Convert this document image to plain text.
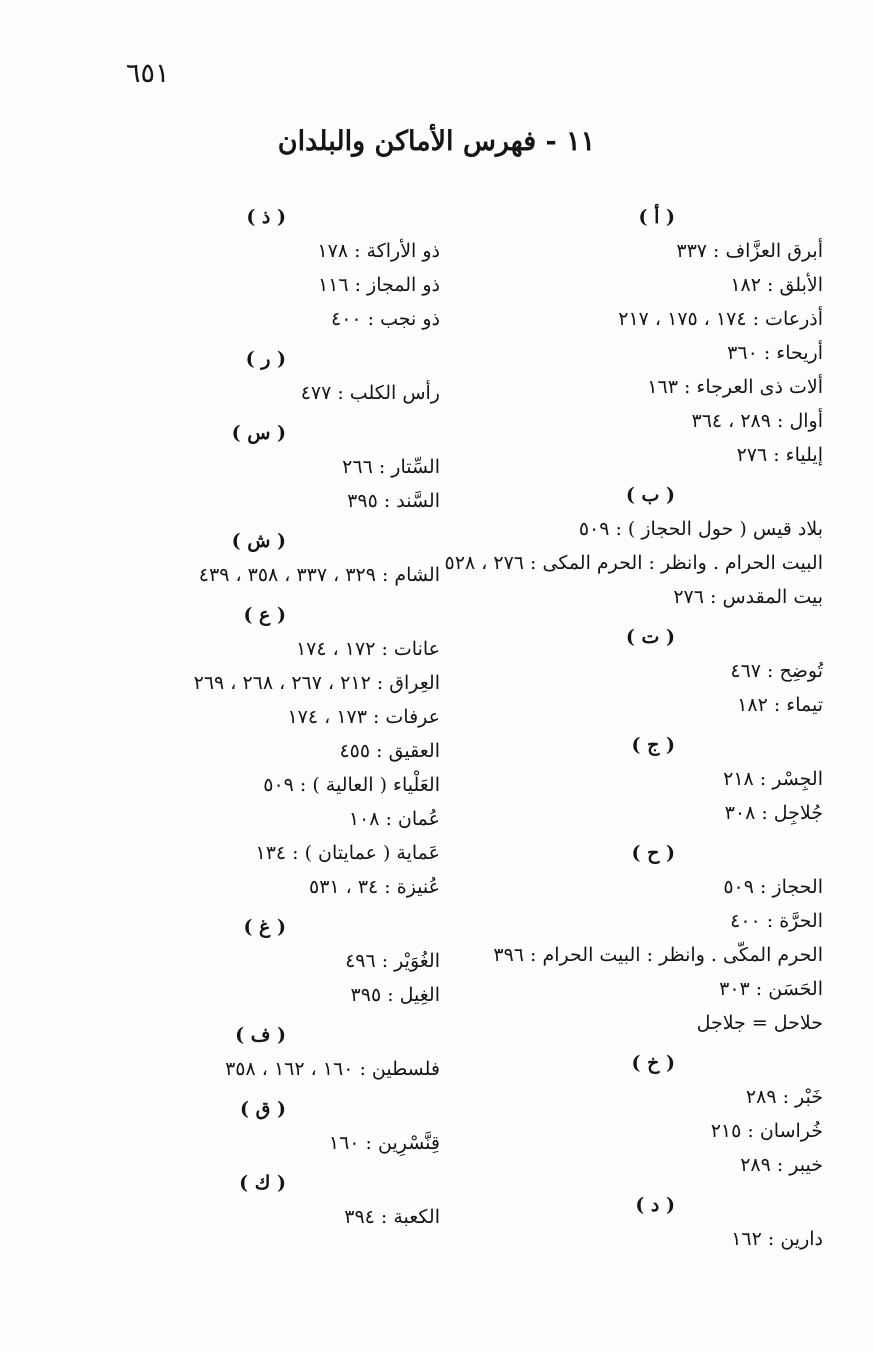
٦٥١
١١ - فهرس الأماكن والبلدان
( أ )
أبرق العزَّاف : ٣٣٧
الأبلق : ١٨٢
أذرعات : ١٧٤ ، ١٧٥ ، ٢١٧
أريحاء : ٣٦٠
ألات ذى العرجاء : ١٦٣
أوال : ٢٨٩ ، ٣٦٤
إيلياء : ٢٧٦
( ب )
بلاد قيس ( حول الحجاز ) : ٥٠٩
البيت الحرام . وانظر : الحرم المكى : ٢٧٦ ، ٥٢٨
بيت المقدس : ٢٧٦
( ت )
تُوضِح : ٤٦٧
تيماء : ١٨٢
( ج )
الجِسْر : ٢١٨
جُلاجِل : ٣٠٨
( ح )
الحجاز : ٥٠٩
الحرَّة : ٤٠٠
الحرم المكّى . وانظر : البيت الحرام : ٣٩٦
الحَسَن : ٣٠٣
حلاحل = جلاجل
( خ )
خَبْر : ٢٨٩
خُراسان : ٢١٥
خيبر : ٢٨٩
( د )
دارين : ١٦٢
( ذ )
ذو الأراكة : ١٧٨
ذو المجاز : ١١٦
ذو نجب : ٤٠٠
( ر )
رأس الكلب : ٤٧٧
( س )
السِّتار : ٢٦٦
السَّند : ٣٩٥
( ش )
الشام : ٣٢٩ ، ٣٣٧ ، ٣٥٨ ، ٤٣٩
( ع )
عانات : ١٧٢ ، ١٧٤
العِراق : ٢١٢ ، ٢٦٧ ، ٢٦٨ ، ٢٦٩
عرفات : ١٧٣ ، ١٧٤
العقيق : ٤٥٥
العَلْياء ( العالية ) : ٥٠٩
عُمان : ١٠٨
عَماية ( عمايتان ) : ١٣٤
عُنيزة : ٣٤ ، ٥٣١
( غ )
الغُوَيْر : ٤٩٦
الغِيل : ٣٩٥
( ف )
فلسطين : ١٦٠ ، ١٦٢ ، ٣٥٨
( ق )
قِنَّسْرِين : ١٦٠
( ك )
الكعبة : ٣٩٤
